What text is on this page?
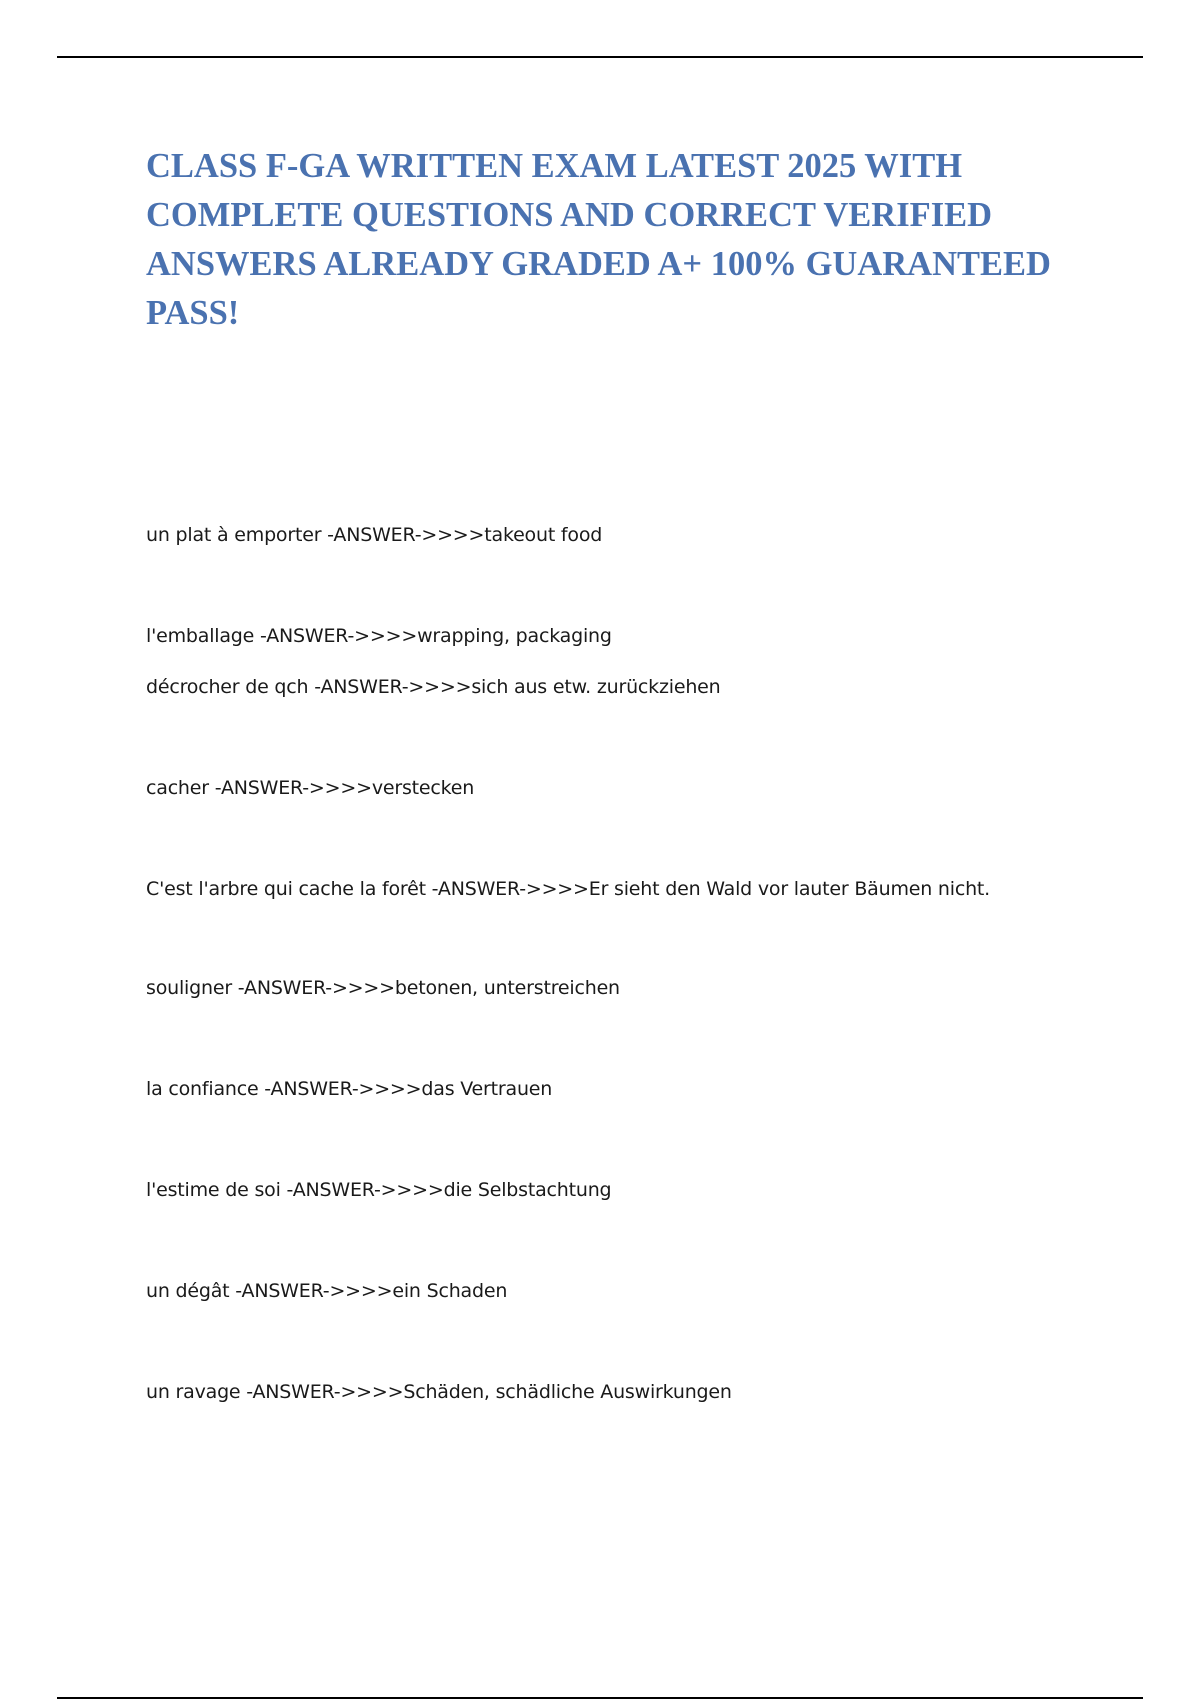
CLASS F-GA WRITTEN EXAM LATEST 2025 WITH COMPLETE QUESTIONS AND CORRECT VERIFIED ANSWERS ALREADY GRADED A+ 100% GUARANTEED PASS!
un plat à emporter -ANSWER->>>>takeout food
l'emballage -ANSWER->>>>wrapping, packaging
décrocher de qch -ANSWER->>>>sich aus etw. zurückziehen
cacher -ANSWER->>>>verstecken
C'est l'arbre qui cache la forêt -ANSWER->>>>Er sieht den Wald vor lauter Bäumen nicht.
souligner -ANSWER->>>>betonen, unterstreichen
la confiance -ANSWER->>>>das Vertrauen
l'estime de soi -ANSWER->>>>die Selbstachtung
un dégât -ANSWER->>>>ein Schaden
un ravage -ANSWER->>>>Schäden, schädliche Auswirkungen
